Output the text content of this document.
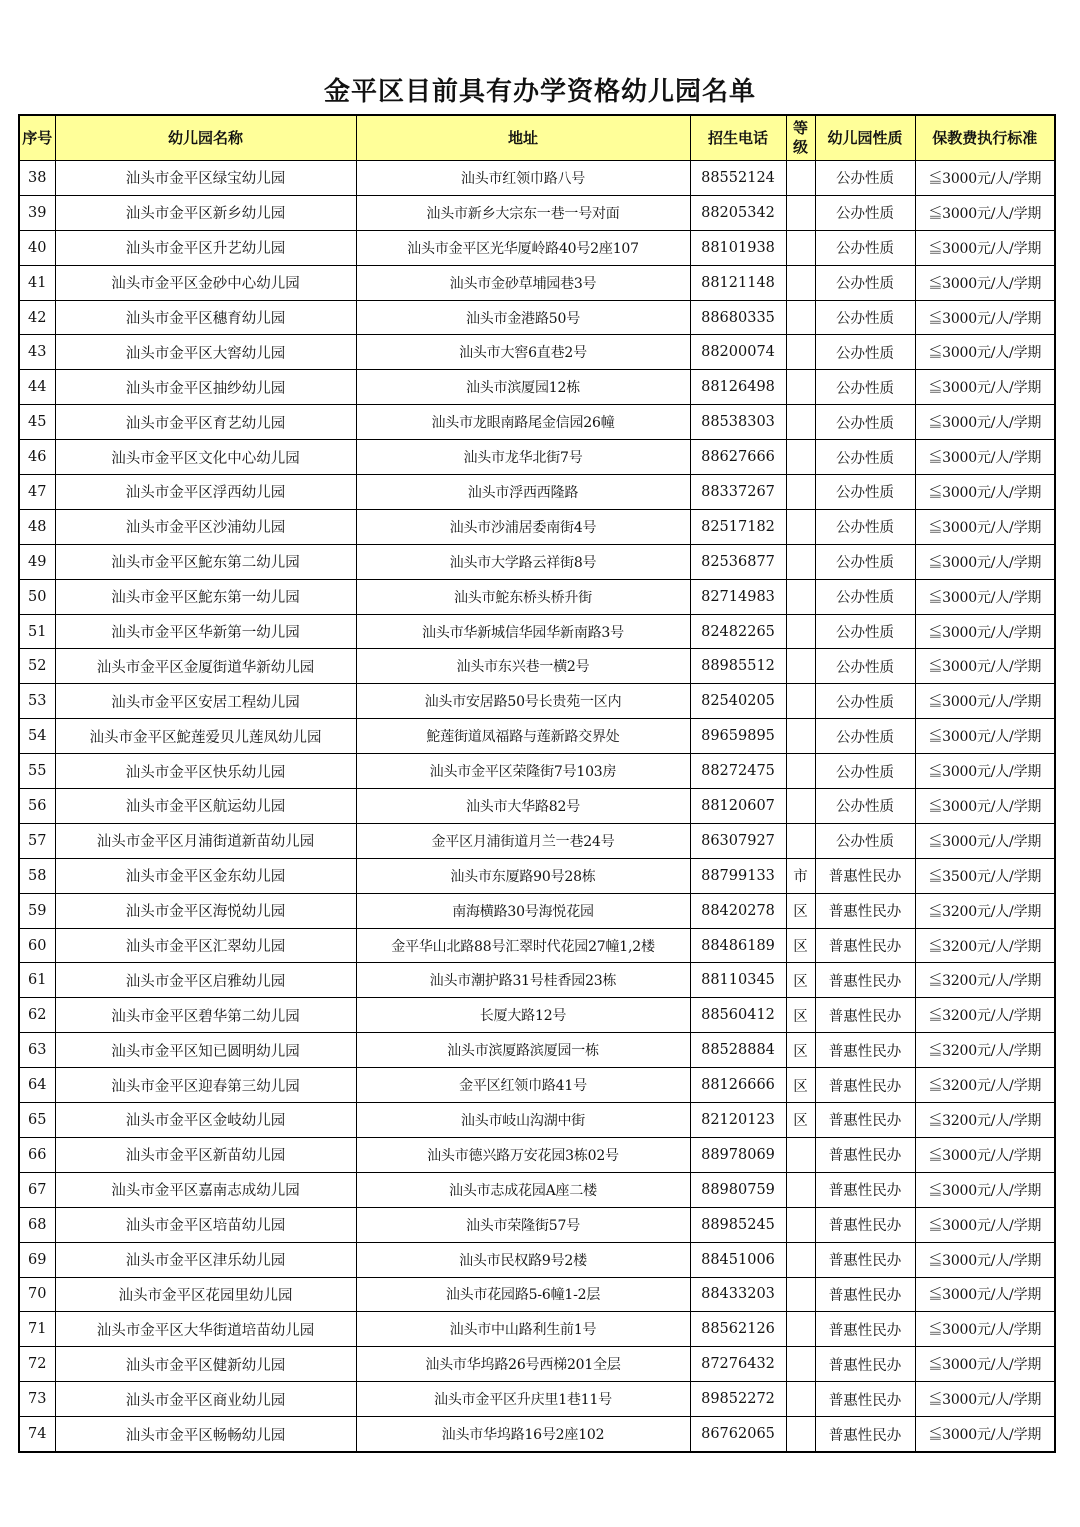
金平区目前具有办学资格幼儿园名单
序号	幼儿园名称	地址	招生电话	等级	幼儿园性质	保教费执行标准
38	汕头市金平区绿宝幼儿园	汕头市红领巾路八号	88552124		公办性质	≦3000元/人/学期
39	汕头市金平区新乡幼儿园	汕头市新乡大宗东一巷一号对面	88205342		公办性质	≦3000元/人/学期
40	汕头市金平区升艺幼儿园	汕头市金平区光华厦岭路40号2座107	88101938		公办性质	≦3000元/人/学期
41	汕头市金平区金砂中心幼儿园	汕头市金砂草埔园巷3号	88121148		公办性质	≦3000元/人/学期
42	汕头市金平区穗育幼儿园	汕头市金港路50号	88680335		公办性质	≦3000元/人/学期
43	汕头市金平区大窖幼儿园	汕头市大窖6直巷2号	88200074		公办性质	≦3000元/人/学期
44	汕头市金平区抽纱幼儿园	汕头市滨厦园12栋	88126498		公办性质	≦3000元/人/学期
45	汕头市金平区育艺幼儿园	汕头市龙眼南路尾金信园26幢	88538303		公办性质	≦3000元/人/学期
46	汕头市金平区文化中心幼儿园	汕头市龙华北街7号	88627666		公办性质	≦3000元/人/学期
47	汕头市金平区浮西幼儿园	汕头市浮西西隆路	88337267		公办性质	≦3000元/人/学期
48	汕头市金平区沙浦幼儿园	汕头市沙浦居委南街4号	82517182		公办性质	≦3000元/人/学期
49	汕头市金平区鮀东第二幼儿园	汕头市大学路云祥街8号	82536877		公办性质	≦3000元/人/学期
50	汕头市金平区鮀东第一幼儿园	汕头市鮀东桥头桥升街	82714983		公办性质	≦3000元/人/学期
51	汕头市金平区华新第一幼儿园	汕头市华新城信华园华新南路3号	82482265		公办性质	≦3000元/人/学期
52	汕头市金平区金厦街道华新幼儿园	汕头市东兴巷一横2号	88985512		公办性质	≦3000元/人/学期
53	汕头市金平区安居工程幼儿园	汕头市安居路50号长贵苑一区内	82540205		公办性质	≦3000元/人/学期
54	汕头市金平区鮀莲爱贝儿莲凤幼儿园	鮀莲街道凤福路与莲新路交界处	89659895		公办性质	≦3000元/人/学期
55	汕头市金平区快乐幼儿园	汕头市金平区荣隆街7号103房	88272475		公办性质	≦3000元/人/学期
56	汕头市金平区航运幼儿园	汕头市大华路82号	88120607		公办性质	≦3000元/人/学期
57	汕头市金平区月浦街道新苗幼儿园	金平区月浦街道月兰一巷24号	86307927		公办性质	≦3000元/人/学期
58	汕头市金平区金东幼儿园	汕头市东厦路90号28栋	88799133	市	普惠性民办	≦3500元/人/学期
59	汕头市金平区海悦幼儿园	南海横路30号海悦花园	88420278	区	普惠性民办	≦3200元/人/学期
60	汕头市金平区汇翠幼儿园	金平华山北路88号汇翠时代花园27幢1,2楼	88486189	区	普惠性民办	≦3200元/人/学期
61	汕头市金平区启雅幼儿园	汕头市潮护路31号桂香园23栋	88110345	区	普惠性民办	≦3200元/人/学期
62	汕头市金平区碧华第二幼儿园	长厦大路12号	88560412	区	普惠性民办	≦3200元/人/学期
63	汕头市金平区知已圆明幼儿园	汕头市滨厦路滨厦园一栋	88528884	区	普惠性民办	≦3200元/人/学期
64	汕头市金平区迎春第三幼儿园	金平区红领巾路41号	88126666	区	普惠性民办	≦3200元/人/学期
65	汕头市金平区金岐幼儿园	汕头市岐山沟湖中街	82120123	区	普惠性民办	≦3200元/人/学期
66	汕头市金平区新苗幼儿园	汕头市德兴路万安花园3栋02号	88978069		普惠性民办	≦3000元/人/学期
67	汕头市金平区嘉南志成幼儿园	汕头市志成花园A座二楼	88980759		普惠性民办	≦3000元/人/学期
68	汕头市金平区培苗幼儿园	汕头市荣隆街57号	88985245		普惠性民办	≦3000元/人/学期
69	汕头市金平区津乐幼儿园	汕头市民权路9号2楼	88451006		普惠性民办	≦3000元/人/学期
70	汕头市金平区花园里幼儿园	汕头市花园路5-6幢1-2层	88433203		普惠性民办	≦3000元/人/学期
71	汕头市金平区大华街道培苗幼儿园	汕头市中山路利生前1号	88562126		普惠性民办	≦3000元/人/学期
72	汕头市金平区健新幼儿园	汕头市华坞路26号西梯201全层	87276432		普惠性民办	≦3000元/人/学期
73	汕头市金平区商业幼儿园	汕头市金平区升庆里1巷11号	89852272		普惠性民办	≦3000元/人/学期
74	汕头市金平区畅畅幼儿园	汕头市华坞路16号2座102	86762065		普惠性民办	≦3000元/人/学期
